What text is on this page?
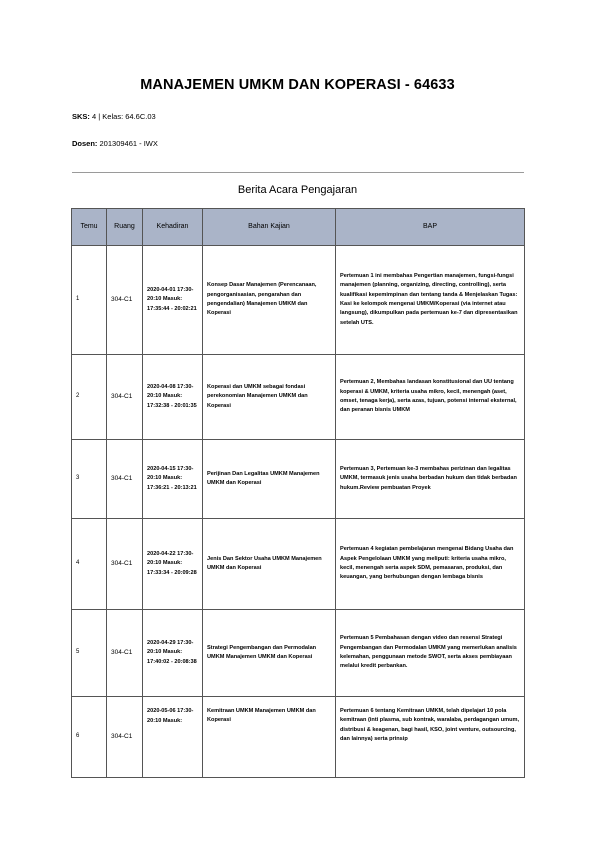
MANAJEMEN UMKM DAN KOPERASI - 64633
SKS: 4 | Kelas: 64.6C.03
Dosen: 201309461 - IWX
Berita Acara Pengajaran
Temu	Ruang	Kehadiran	Bahan Kajian	BAP
1	304-C1	2020-04-01 17:30-20:10 Masuk: 17:35:44 - 20:02:21	Konsep Dasar Manajemen (Perencanaan, pengorganisasian, pengarahan dan pengendalian) Manajemen UMKM dan Koperasi	Pertemuan 1 ini membahas Pengertian manajemen, fungsi-fungsi manajemen (planning, organizing, directing, controlling), serta kualifikasi kepemimpinan dan tentang tanda & Menjelaskan Tugas: Kasi ke kelompok mengenai UMKM/Koperasi (via internet atau langsung), dikumpulkan pada pertemuan ke-7 dan dipresentasikan setelah UTS.
2	304-C1	2020-04-08 17:30-20:10 Masuk: 17:32:38 - 20:01:35	Koperasi dan UMKM sebagai fondasi perekonomian Manajemen UMKM dan Koperasi	Pertemuan 2, Membahas landasan konstitusional dan UU tentang koperasi & UMKM, kriteria usaha mikro, kecil, menengah (aset, omset, tenaga kerja), serta azas, tujuan, potensi internal eksternal, dan peranan bisnis UMKM
3	304-C1	2020-04-15 17:30-20:10 Masuk: 17:36:21 - 20:13:21	Perijinan Dan Legalitas UMKM Manajemen UMKM dan Koperasi	Pertemuan 3, Pertemuan ke-3 membahas perizinan dan legalitas UMKM, termasuk jenis usaha berbadan hukum dan tidak berbadan hukum.Review pembuatan Proyek
4	304-C1	2020-04-22 17:30-20:10 Masuk: 17:33:34 - 20:09:28	Jenis Dan Sektor Usaha UMKM Manajemen UMKM dan Koperasi	Pertemuan 4 kegiatan pembelajaran mengenai Bidang Usaha dan Aspek Pengelolaan UMKM yang meliputi: kriteria usaha mikro, kecil, menengah serta aspek SDM, pemasaran, produksi, dan keuangan, yang berhubungan dengan lembaga bisnis
5	304-C1	2020-04-29 17:30-20:10 Masuk: 17:40:02 - 20:08:38	Strategi Pengembangan dan Permodalan UMKM Manajemen UMKM dan Koperasi	Pertemuan 5 Pembahasan dengan video dan resensi Strategi Pengembangan dan Permodalan UMKM yang memerlukan analisis kelemahan, penggunaan metode SWOT, serta akses pembiayaan melalui kredit perbankan.
6	304-C1	2020-05-06 17:30-20:10 Masuk:	Kemitraan UMKM Manajemen UMKM dan Koperasi	Pertemuan 6 tentang Kemitraan UMKM, telah dipelajari 10 pola kemitraan (inti plasma, sub kontrak, waralaba, perdagangan umum, distribusi & keagenan, bagi hasil, KSO, joint venture, outsourcing, dan lainnya) serta prinsip
